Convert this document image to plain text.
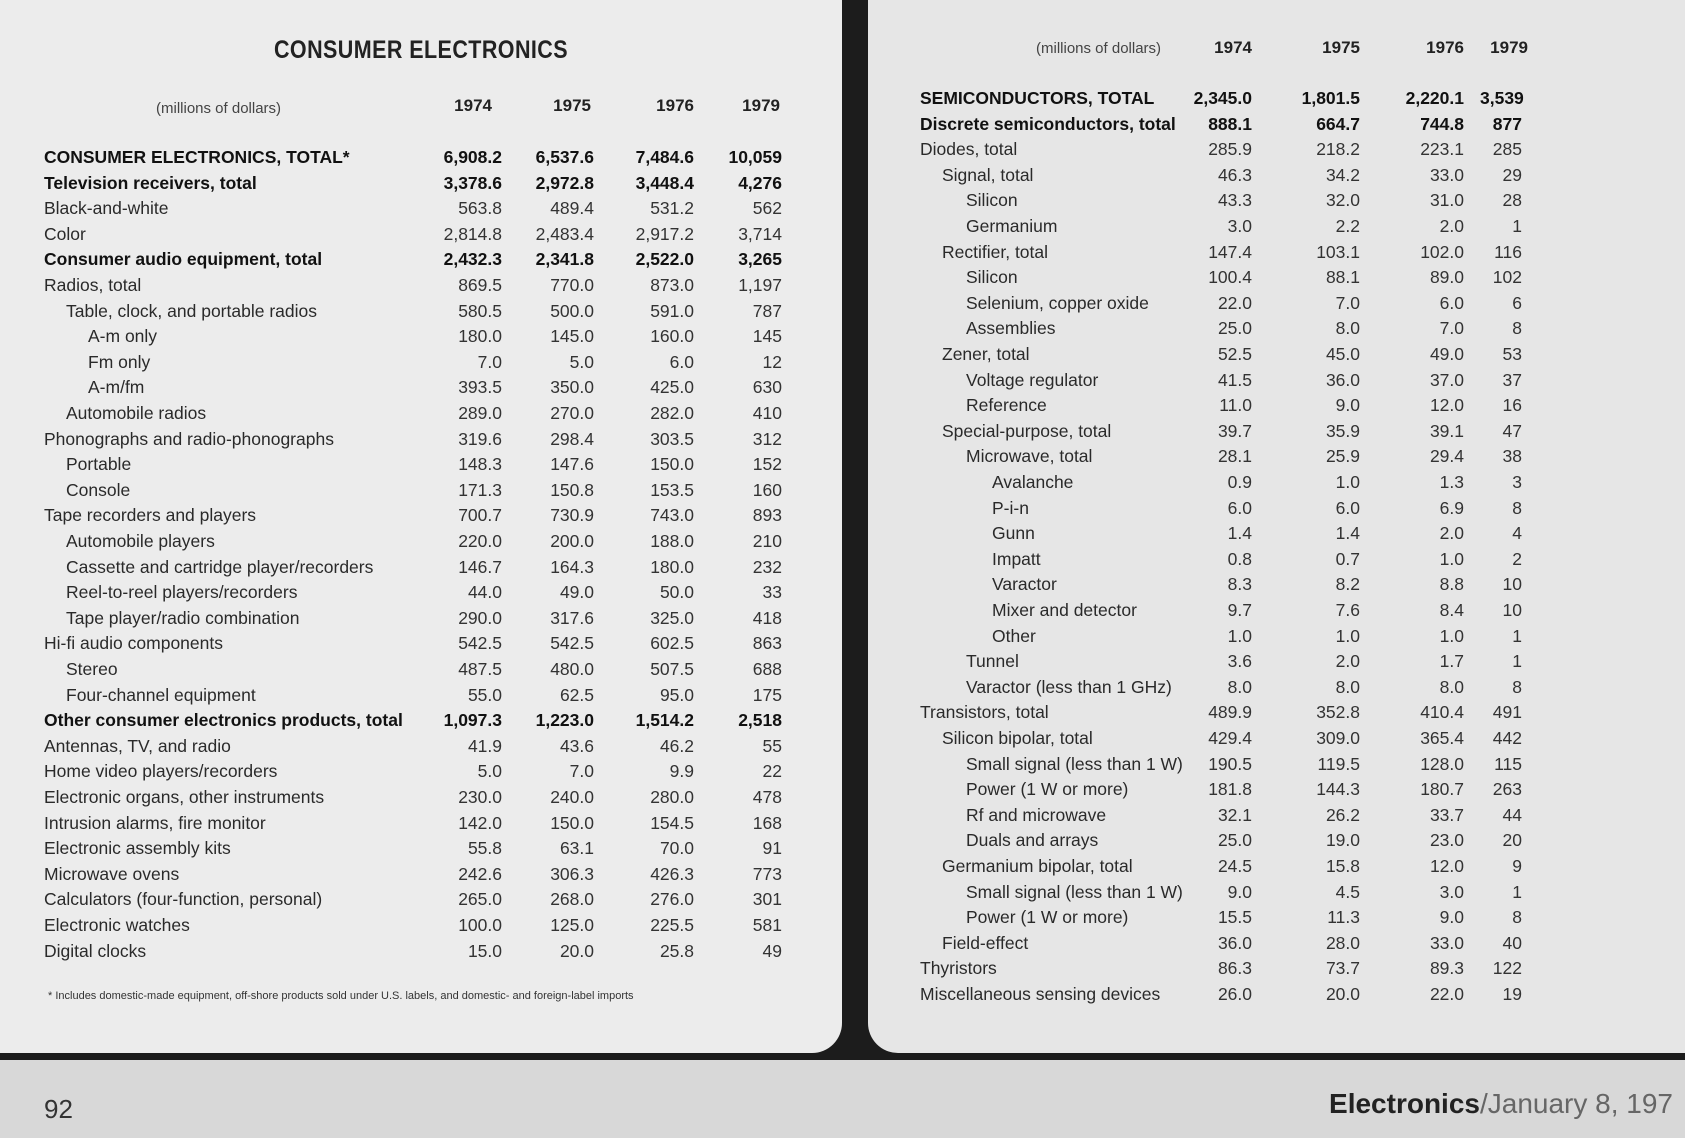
CONSUMER ELECTRONICS
(millions of dollars)	1974	1975	1976	1979
CONSUMER ELECTRONICS, TOTAL*	6,908.2	6,537.6	7,484.6	10,059
Television receivers, total	3,378.6	2,972.8	3,448.4	4,276
Black-and-white	563.8	489.4	531.2	562
Color	2,814.8	2,483.4	2,917.2	3,714
Consumer audio equipment, total	2,432.3	2,341.8	2,522.0	3,265
Radios, total	869.5	770.0	873.0	1,197
Table, clock, and portable radios	580.5	500.0	591.0	787
A-m only	180.0	145.0	160.0	145
Fm only	7.0	5.0	6.0	12
A-m/fm	393.5	350.0	425.0	630
Automobile radios	289.0	270.0	282.0	410
Phonographs and radio-phonographs	319.6	298.4	303.5	312
Portable	148.3	147.6	150.0	152
Console	171.3	150.8	153.5	160
Tape recorders and players	700.7	730.9	743.0	893
Automobile players	220.0	200.0	188.0	210
Cassette and cartridge player/recorders	146.7	164.3	180.0	232
Reel-to-reel players/recorders	44.0	49.0	50.0	33
Tape player/radio combination	290.0	317.6	325.0	418
Hi-fi audio components	542.5	542.5	602.5	863
Stereo	487.5	480.0	507.5	688
Four-channel equipment	55.0	62.5	95.0	175
Other consumer electronics products, total	1,097.3	1,223.0	1,514.2	2,518
Antennas, TV, and radio	41.9	43.6	46.2	55
Home video players/recorders	5.0	7.0	9.9	22
Electronic organs, other instruments	230.0	240.0	280.0	478
Intrusion alarms, fire monitor	142.0	150.0	154.5	168
Electronic assembly kits	55.8	63.1	70.0	91
Microwave ovens	242.6	306.3	426.3	773
Calculators (four-function, personal)	265.0	268.0	276.0	301
Electronic watches	100.0	125.0	225.5	581
Digital clocks	15.0	20.0	25.8	49
* Includes domestic-made equipment, off-shore products sold under U.S. labels, and domestic- and foreign-label imports
(millions of dollars)	1974	1975	1976	1979
SEMICONDUCTORS, TOTAL	2,345.0	1,801.5	2,220.1 3,539
Discrete semiconductors, total	888.1	664.7	744.8	877
Diodes, total	285.9	218.2	223.1	285
Signal, total	46.3	34.2	33.0	29
Silicon	43.3	32.0	31.0	28
Germanium	3.0	2.2	2.0	1
Rectifier, total	147.4	103.1	102.0	116
Silicon	100.4	88.1	89.0	102
Selenium, copper oxide	22.0	7.0	6.0	6
Assemblies	25.0	8.0	7.0	8
Zener, total	52.5	45.0	49.0	53
Voltage regulator	41.5	36.0	37.0	37
Reference	11.0	9.0	12.0	16
Special-purpose, total	39.7	35.9	39.1	47
Microwave, total	28.1	25.9	29.4	38
Avalanche	0.9	1.0	1.3	3
P-i-n	6.0	6.0	6.9	8
Gunn	1.4	1.4	2.0	4
Impatt	0.8	0.7	1.0	2
Varactor	8.3	8.2	8.8	10
Mixer and detector	9.7	7.6	8.4	10
Other	1.0	1.0	1.0	1
Tunnel	3.6	2.0	1.7	1
Varactor (less than 1 GHz)	8.0	8.0	8.0	8
Transistors, total	489.9	352.8	410.4	491
Silicon bipolar, total	429.4	309.0	365.4	442
Small signal (less than 1 W)	190.5	119.5	128.0	115
Power (1 W or more)	181.8	144.3	180.7	263
Rf and microwave	32.1	26.2	33.7	44
Duals and arrays	25.0	19.0	23.0	20
Germanium bipolar, total	24.5	15.8	12.0	9
Small signal (less than 1 W)	9.0	4.5	3.0	1
Power (1 W or more)	15.5	11.3	9.0	8
Field-effect	36.0	28.0	33.0	40
Thyristors	86.3	73.7	89.3	122
Miscellaneous sensing devices	26.0	20.0	22.0	19
92	Electronics/January 8, 197
